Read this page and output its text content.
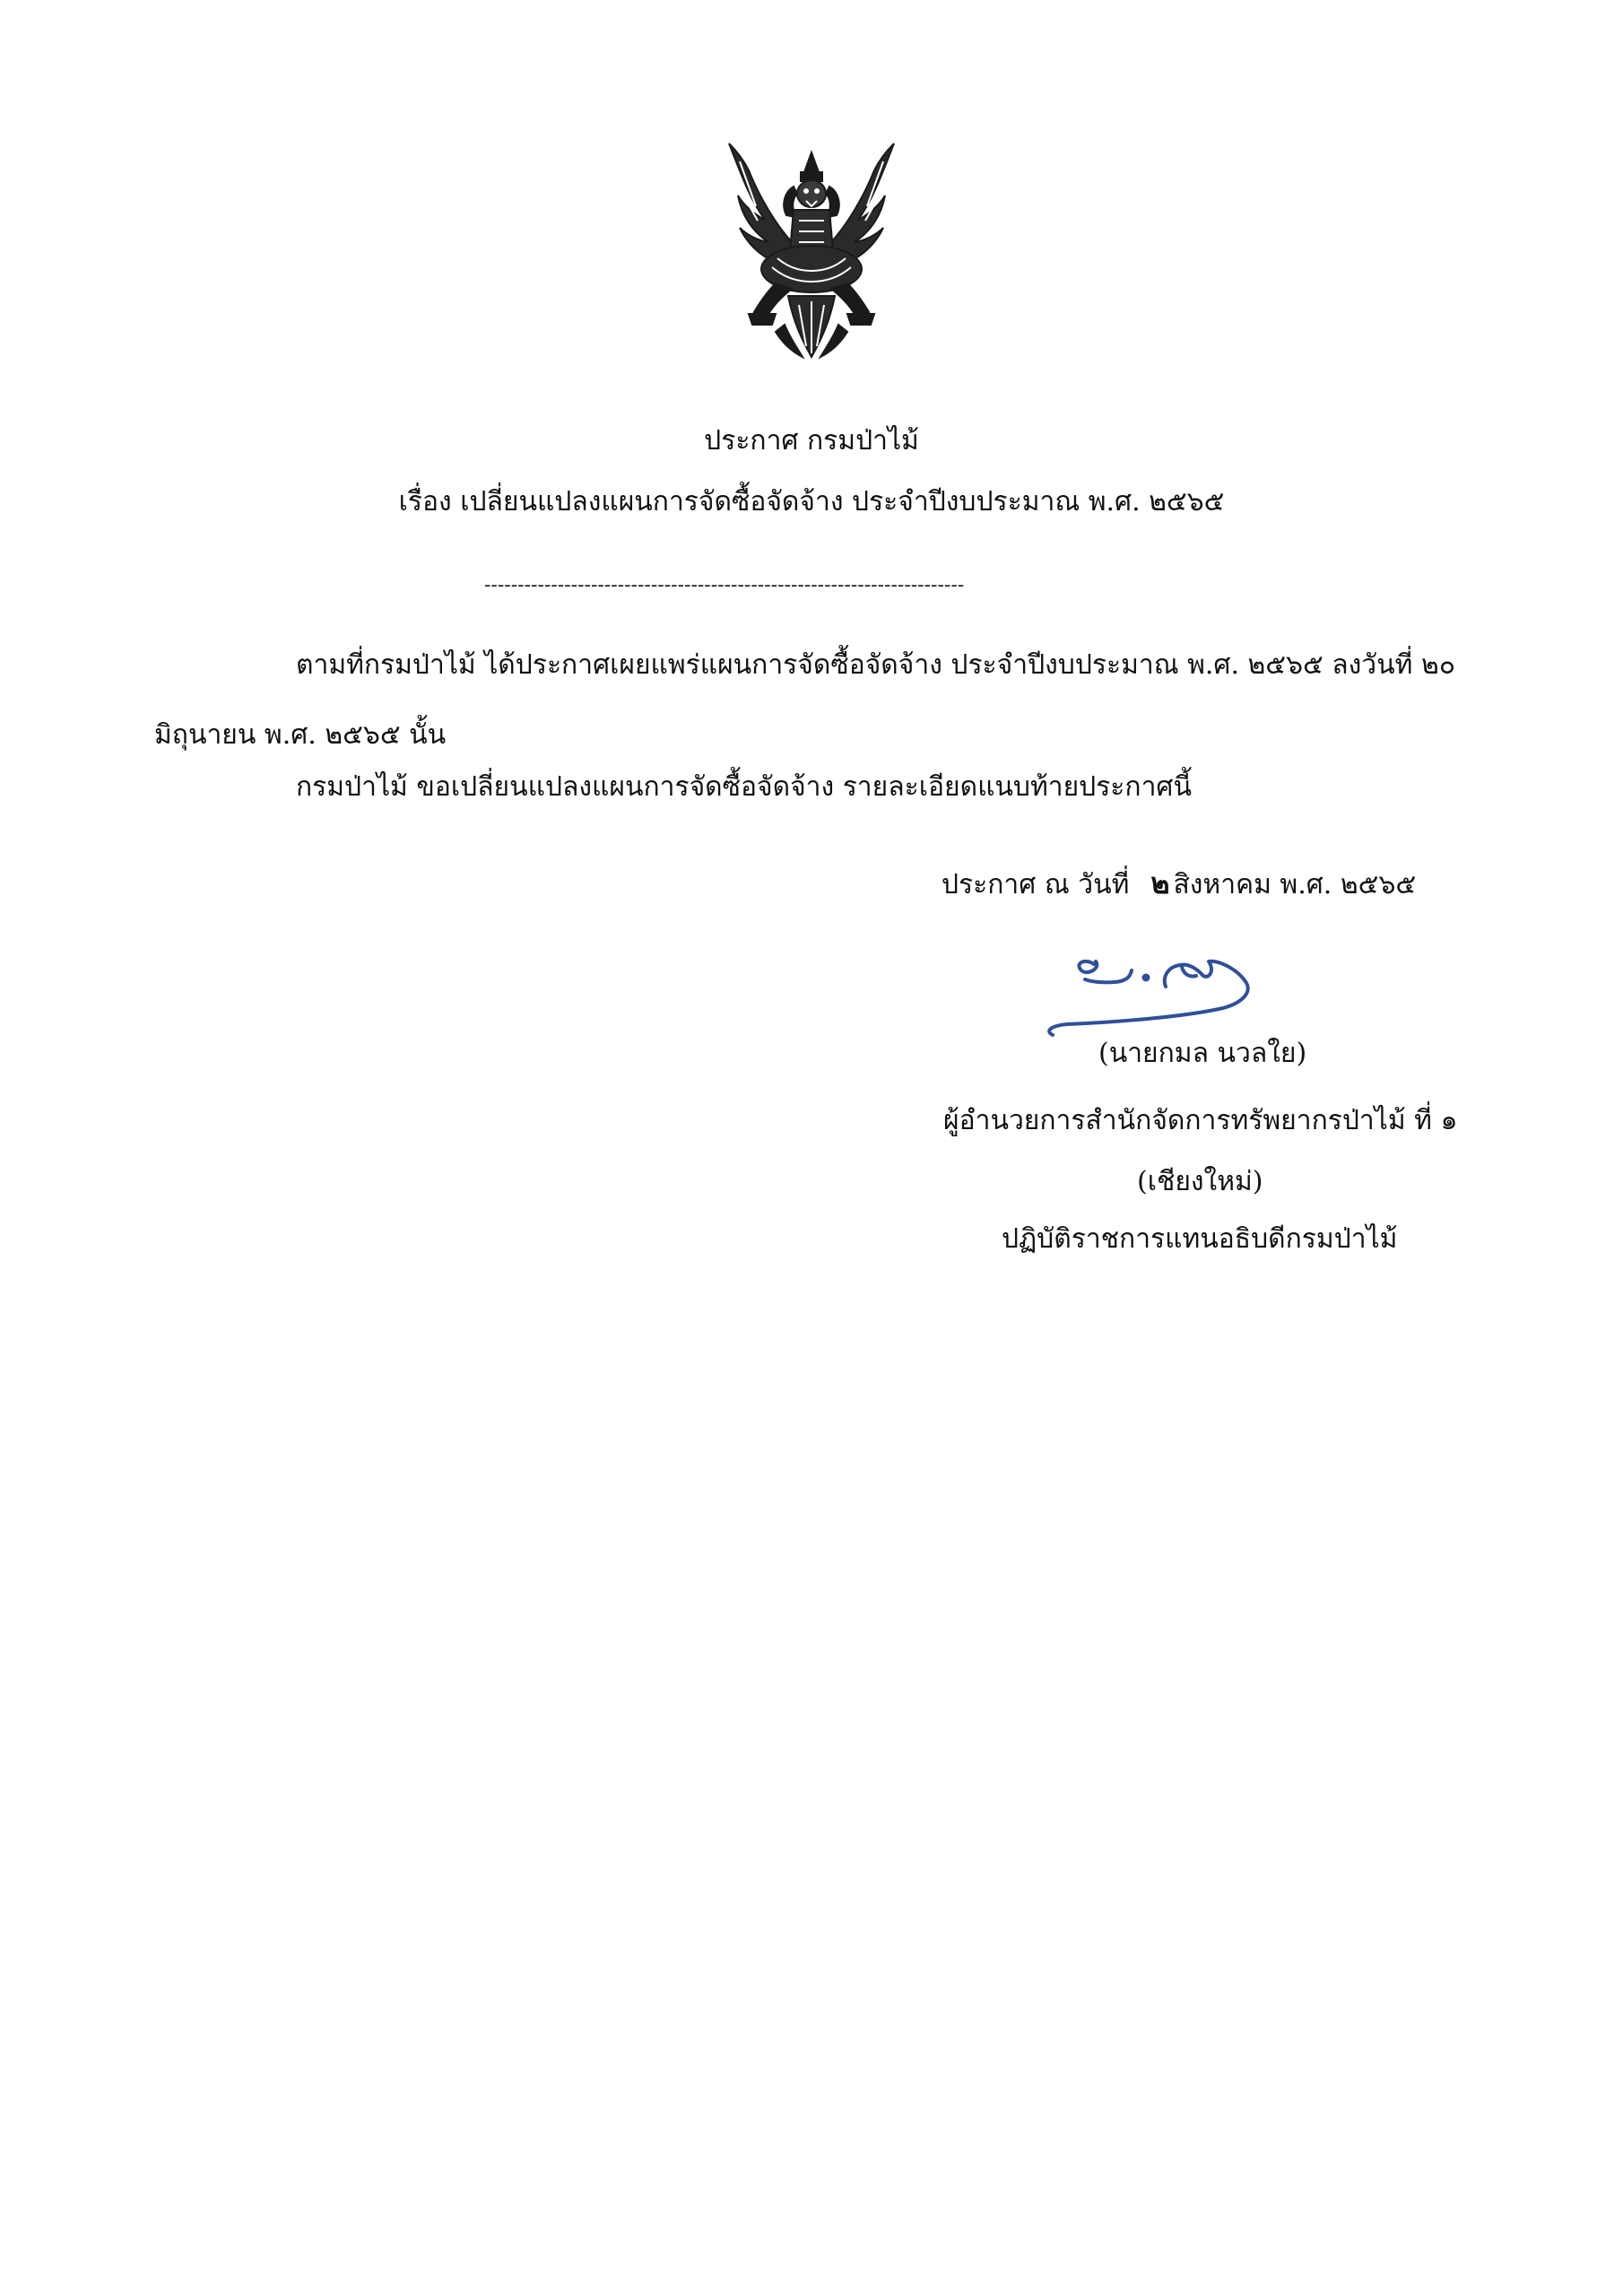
ประกาศ กรมป่าไม้
เรื่อง เปลี่ยนแปลงแผนการจัดซื้อจัดจ้าง ประจำปีงบประมาณ พ.ศ. ๒๕๖๕
------------------------------------------------------------------------
ตามที่กรมป่าไม้ ได้ประกาศเผยแพร่แผนการจัดซื้อจัดจ้าง ประจำปีงบประมาณ พ.ศ. ๒๕๖๕ ลงวันที่ ๒๐
มิถุนายน พ.ศ. ๒๕๖๕ นั้น
กรมป่าไม้ ขอเปลี่ยนแปลงแผนการจัดซื้อจัดจ้าง รายละเอียดแนบท้ายประกาศนี้
ประกาศ ณ วันที่ ๒ สิงหาคม พ.ศ. ๒๕๖๕
(นายกมล นวลใย)
ผู้อำนวยการสำนักจัดการทรัพยากรป่าไม้ ที่ ๑
(เชียงใหม่)
ปฏิบัติราชการแทนอธิบดีกรมป่าไม้
